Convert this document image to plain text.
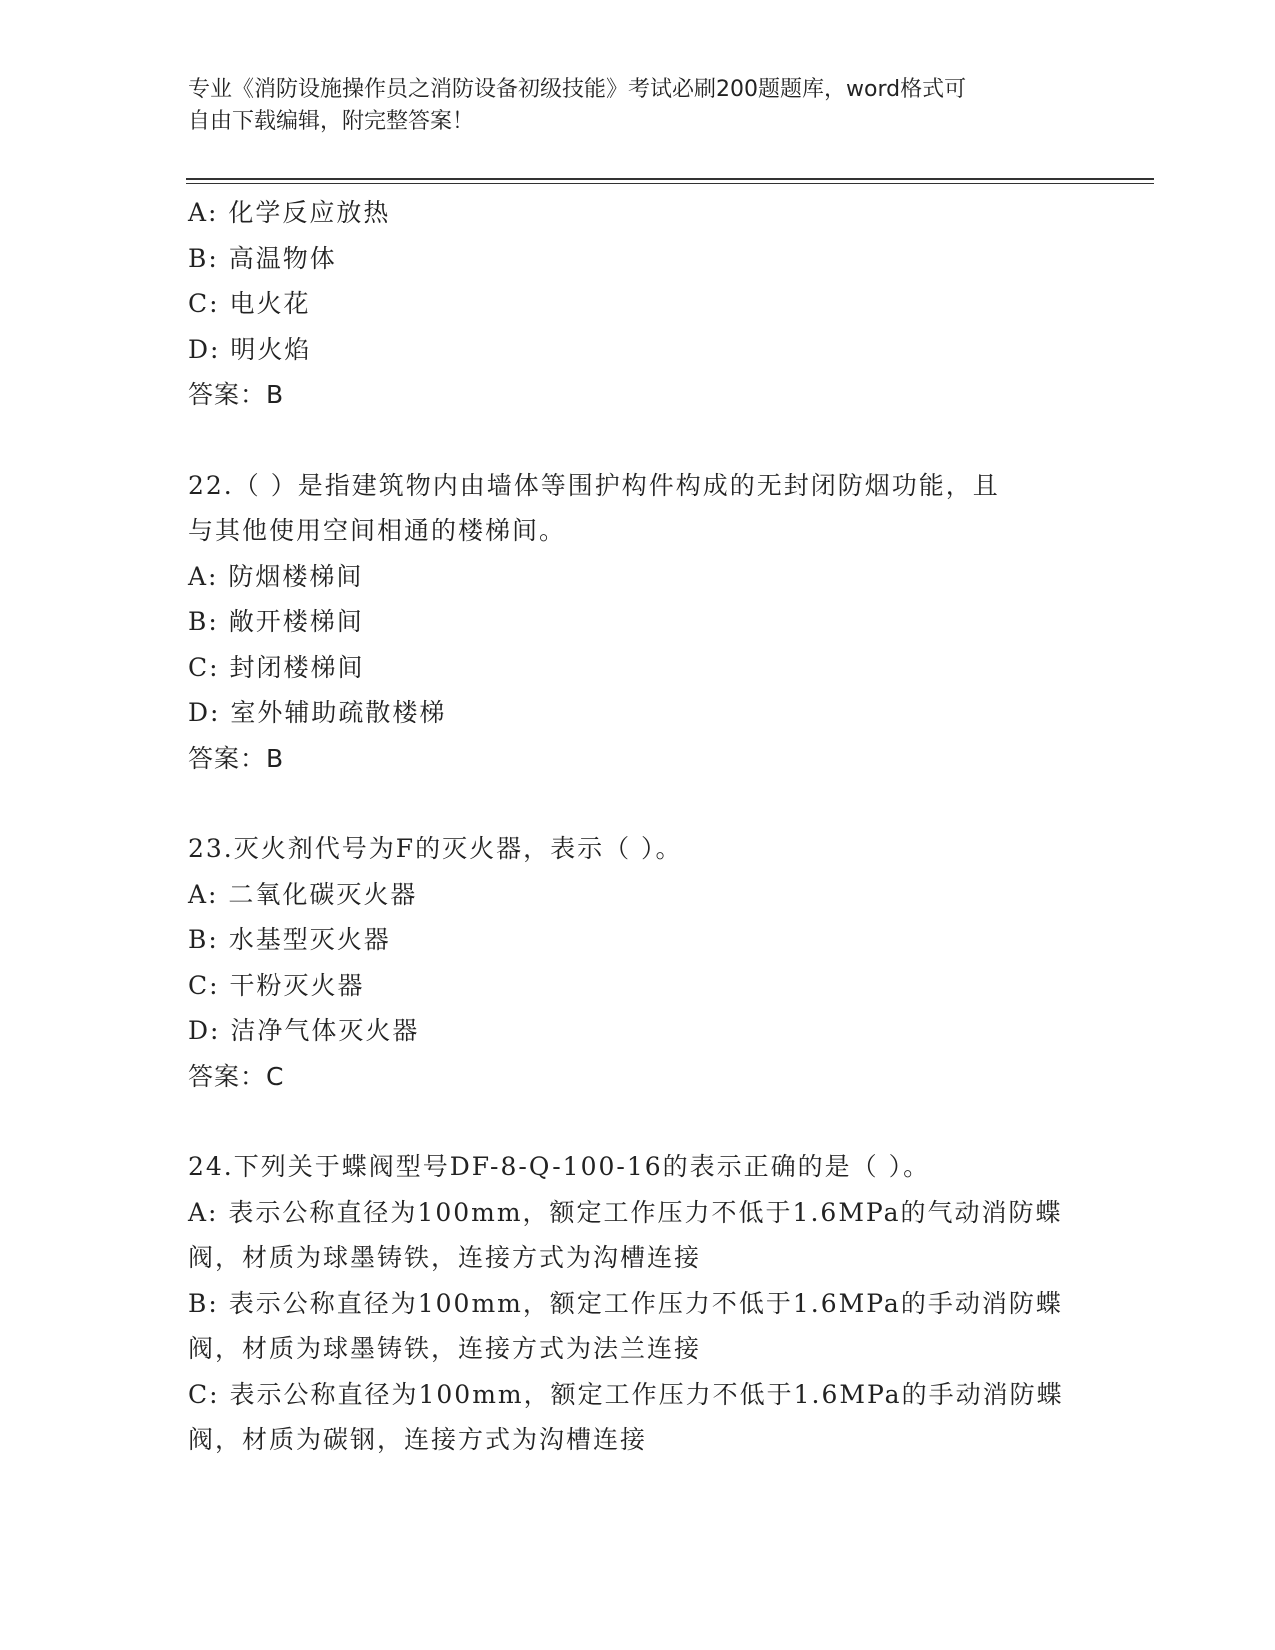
专业《消防设施操作员之消防设备初级技能》考试必刷200题题库，word格式可
自由下载编辑，附完整答案！
A: 化学反应放热
B: 高温物体
C: 电火花
D: 明火焰
答案：B
22.（ ）是指建筑物内由墙体等围护构件构成的无封闭防烟功能，且
与其他使用空间相通的楼梯间。
A: 防烟楼梯间
B: 敞开楼梯间
C: 封闭楼梯间
D: 室外辅助疏散楼梯
答案：B
23.灭火剂代号为F的灭火器，表示（ ）。
A: 二氧化碳灭火器
B: 水基型灭火器
C: 干粉灭火器
D: 洁净气体灭火器
答案：C
24.下列关于蝶阀型号DF-8-Q-100-16的表示正确的是（ ）。
A: 表示公称直径为100mm，额定工作压力不低于1.6MPa的气动消防蝶
阀，材质为球墨铸铁，连接方式为沟槽连接
B: 表示公称直径为100mm，额定工作压力不低于1.6MPa的手动消防蝶
阀，材质为球墨铸铁，连接方式为法兰连接
C: 表示公称直径为100mm，额定工作压力不低于1.6MPa的手动消防蝶
阀，材质为碳钢，连接方式为沟槽连接
